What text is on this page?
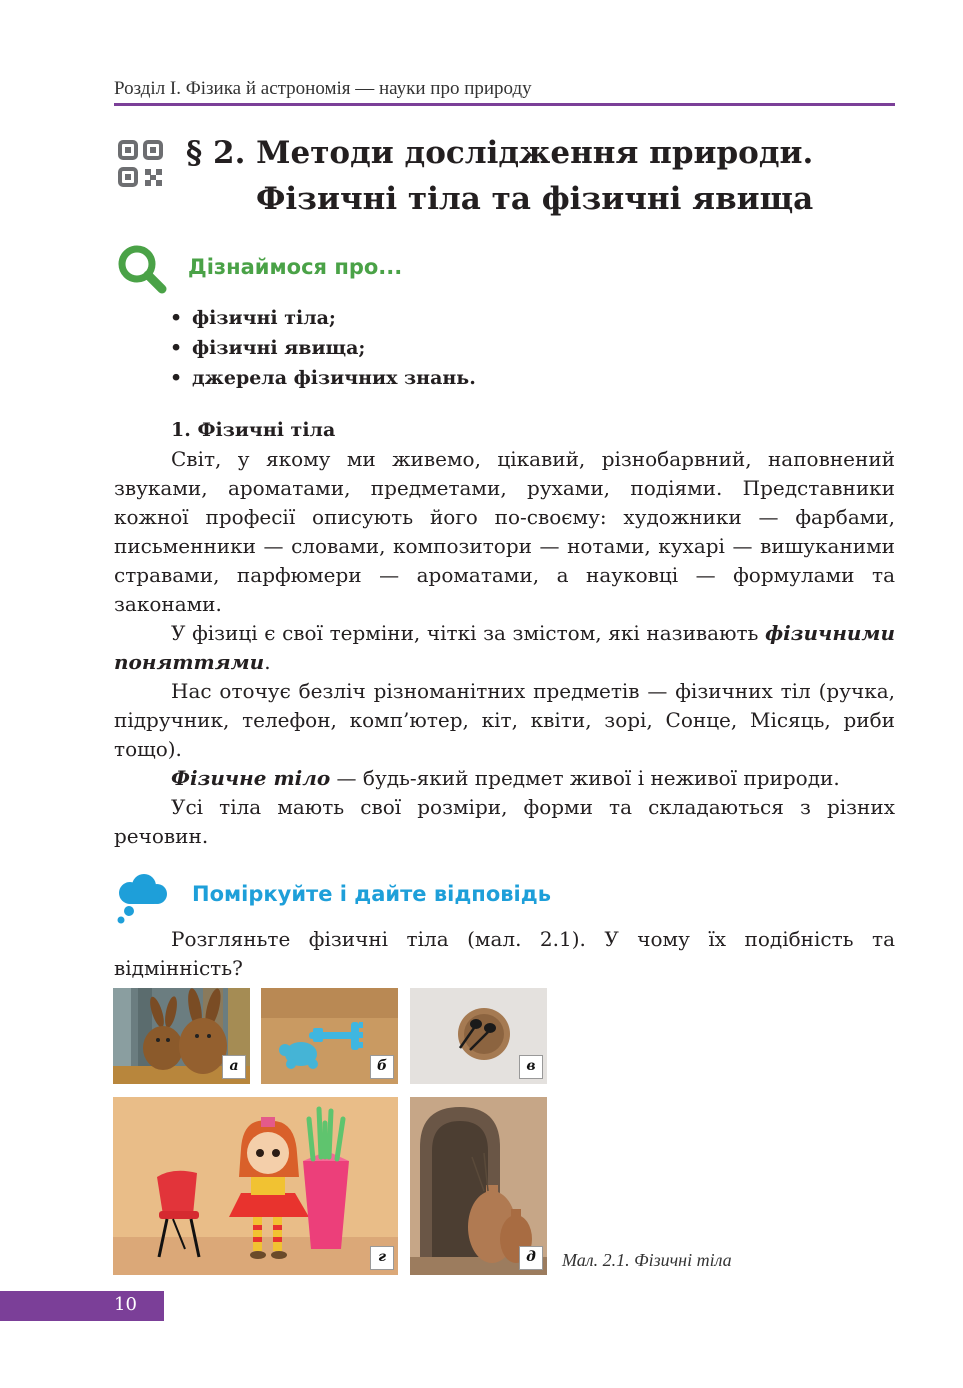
Розділ І. Фізика й астрономія — науки про природу
§ 2. Методи дослідження природи.
Фізичні тіла та фізичні явища
Дізнаймося про...
• фізичні тіла;
• фізичні явища;
• джерела фізичних знань.

1. Фізичні тіла

Світ, у якому ми живемо, цікавий, різнобарвний, наповнений звуками, ароматами, предметами, рухами, подіями. Представники кожної професії описують його по-своєму: художники — фарбами, письменники — словами, композитори — нотами, кухарі — вишуканими стравами, парфюмери — ароматами, а науковці — формулами та законами.

У фізиці є свої терміни, чіткі за змістом, які називають фізичними поняттями.

Нас оточує безліч різноманітних предметів — фізичних тіл (ручка, підручник, телефон, комп’ютер, кіт, квіти, зорі, Сонце, Місяць, риби тощо).

Фізичне тіло — будь-який предмет живої і неживої природи.

Усі тіла мають свої розміри, форми та складаються з різних речовин.

Поміркуйте і дайте відповідь

Розгляньте фізичні тіла (мал. 2.1). У чому їх подібність та відмінність?

а	б	в
г	д	Мал. 2.1. Фізичні тіла
10
